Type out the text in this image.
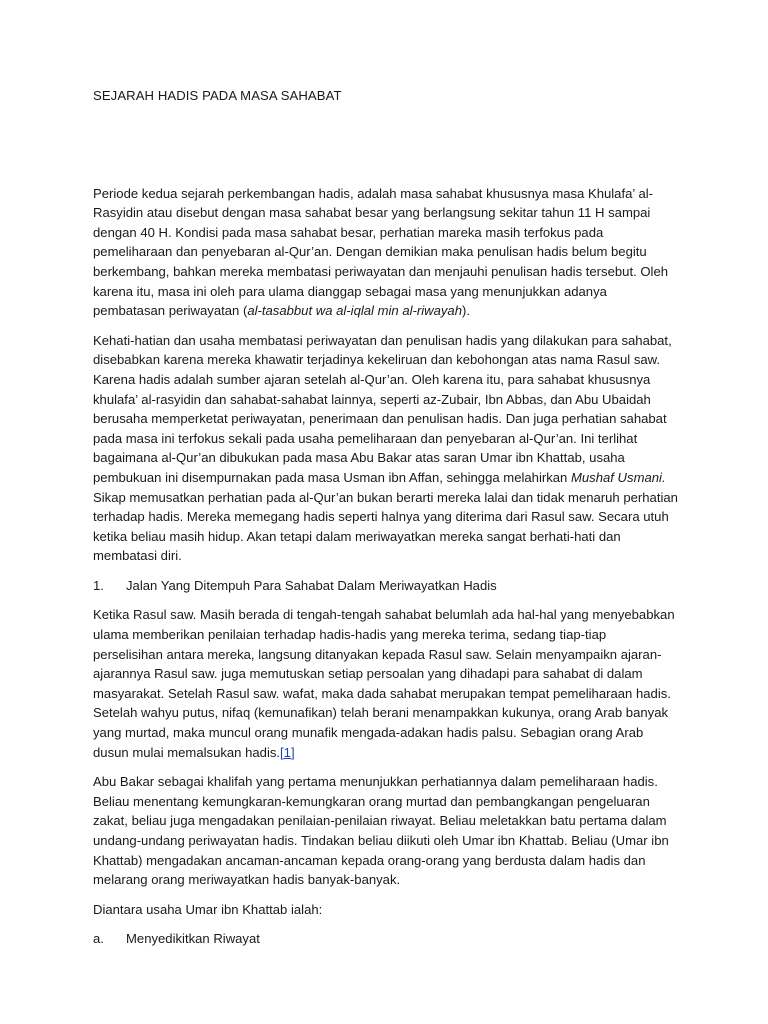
SEJARAH HADIS PADA MASA SAHABAT

Periode kedua sejarah perkembangan hadis, adalah masa sahabat khususnya masa Khulafa’ al-Rasyidin atau disebut dengan masa sahabat besar yang berlangsung sekitar tahun 11 H sampai dengan 40 H. Kondisi pada masa sahabat besar, perhatian mareka masih terfokus pada pemeliharaan dan penyebaran al-Qur’an. Dengan demikian maka penulisan hadis belum begitu berkembang, bahkan mereka membatasi periwayatan dan menjauhi penulisan hadis tersebut. Oleh karena itu, masa ini oleh para ulama dianggap sebagai masa yang menunjukkan adanya pembatasan periwayatan (al-tasabbut wa al-iqlal min al-riwayah).

Kehati-hatian dan usaha membatasi periwayatan dan penulisan hadis yang dilakukan para sahabat, disebabkan karena mereka khawatir terjadinya kekeliruan dan kebohongan atas nama Rasul saw. Karena hadis adalah sumber ajaran setelah al-Qur’an. Oleh karena itu, para sahabat khususnya khulafa’ al-rasyidin dan sahabat-sahabat lainnya, seperti az-Zubair, Ibn Abbas, dan Abu Ubaidah berusaha memperketat periwayatan, penerimaan dan penulisan hadis. Dan juga perhatian sahabat pada masa ini terfokus sekali pada usaha pemeliharaan dan penyebaran al-Qur’an. Ini terlihat bagaimana al-Qur’an dibukukan pada masa Abu Bakar atas saran Umar ibn Khattab, usaha pembukuan ini disempurnakan pada masa Usman ibn Affan, sehingga melahirkan Mushaf Usmani. Sikap memusatkan perhatian pada al-Qur’an bukan berarti mereka lalai dan tidak menaruh perhatian terhadap hadis. Mereka memegang hadis seperti halnya yang diterima dari Rasul saw. Secara utuh ketika beliau masih hidup. Akan tetapi dalam meriwayatkan mereka sangat berhati-hati dan membatasi diri.

1.	Jalan Yang Ditempuh Para Sahabat Dalam Meriwayatkan Hadis

Ketika Rasul saw. Masih berada di tengah-tengah sahabat belumlah ada hal-hal yang menyebabkan ulama memberikan penilaian terhadap hadis-hadis yang mereka terima, sedang tiap-tiap perselisihan antara mereka, langsung ditanyakan kepada Rasul saw. Selain menyampaikn ajaran-ajarannya Rasul saw. juga memutuskan setiap persoalan yang dihadapi para sahabat di dalam masyarakat. Setelah Rasul saw. wafat, maka dada sahabat merupakan tempat pemeliharaan hadis. Setelah wahyu putus, nifaq (kemunafikan) telah berani menampakkan kukunya, orang Arab banyak yang murtad, maka muncul orang munafik mengada-adakan hadis palsu. Sebagian orang Arab dusun mulai memalsukan hadis.[1]

Abu Bakar sebagai khalifah yang pertama menunjukkan perhatiannya dalam pemeliharaan hadis. Beliau menentang kemungkaran-kemungkaran orang murtad dan pembangkangan pengeluaran zakat, beliau juga mengadakan penilaian-penilaian riwayat. Beliau meletakkan batu pertama dalam undang-undang periwayatan hadis. Tindakan beliau diikuti oleh Umar ibn Khattab. Beliau (Umar ibn Khattab) mengadakan ancaman-ancaman kepada orang-orang yang berdusta dalam hadis dan melarang orang meriwayatkan hadis banyak-banyak.

Diantara usaha Umar ibn Khattab ialah:

a.	Menyedikitkan Riwayat
